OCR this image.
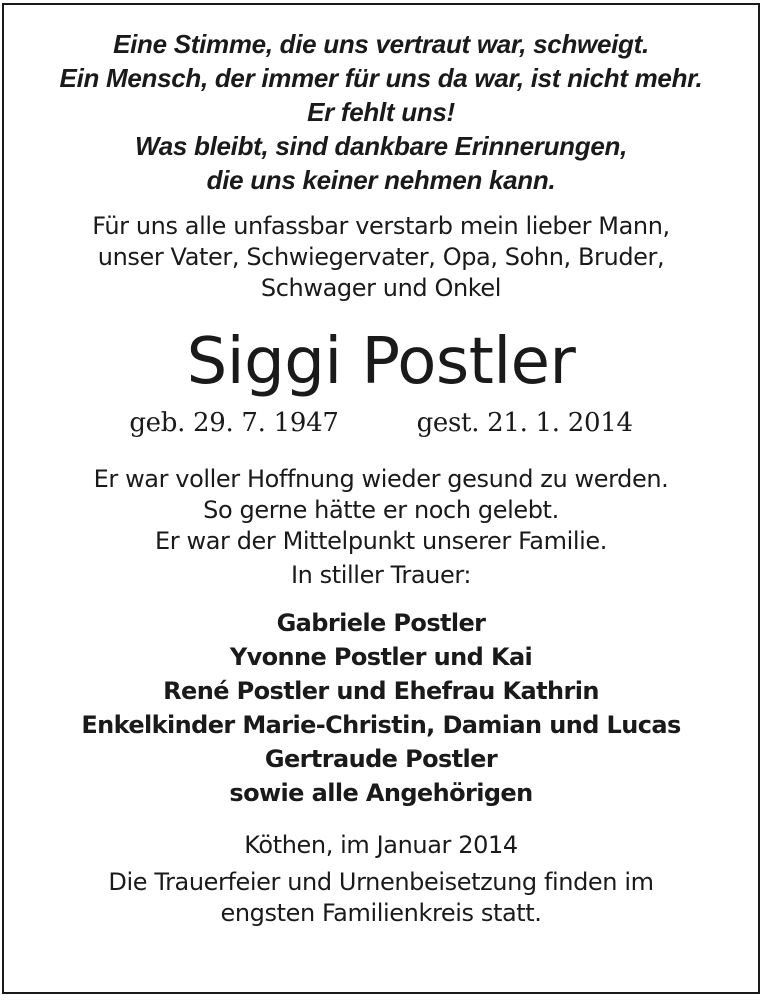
Eine Stimme, die uns vertraut war, schweigt.
Ein Mensch, der immer für uns da war, ist nicht mehr.
Er fehlt uns!
Was bleibt, sind dankbare Erinnerungen,
die uns keiner nehmen kann.
Für uns alle unfassbar verstarb mein lieber Mann,
unser Vater, Schwiegervater, Opa, Sohn, Bruder,
Schwager und Onkel
Siggi Postler
geb. 29. 7. 1947	gest. 21. 1. 2014
Er war voller Hoffnung wieder gesund zu werden.
So gerne hätte er noch gelebt.
Er war der Mittelpunkt unserer Familie.
In stiller Trauer:
Gabriele Postler
Yvonne Postler und Kai
René Postler und Ehefrau Kathrin
Enkelkinder Marie-Christin, Damian und Lucas
Gertraude Postler
sowie alle Angehörigen
Köthen, im Januar 2014
Die Trauerfeier und Urnenbeisetzung finden im
engsten Familienkreis statt.
